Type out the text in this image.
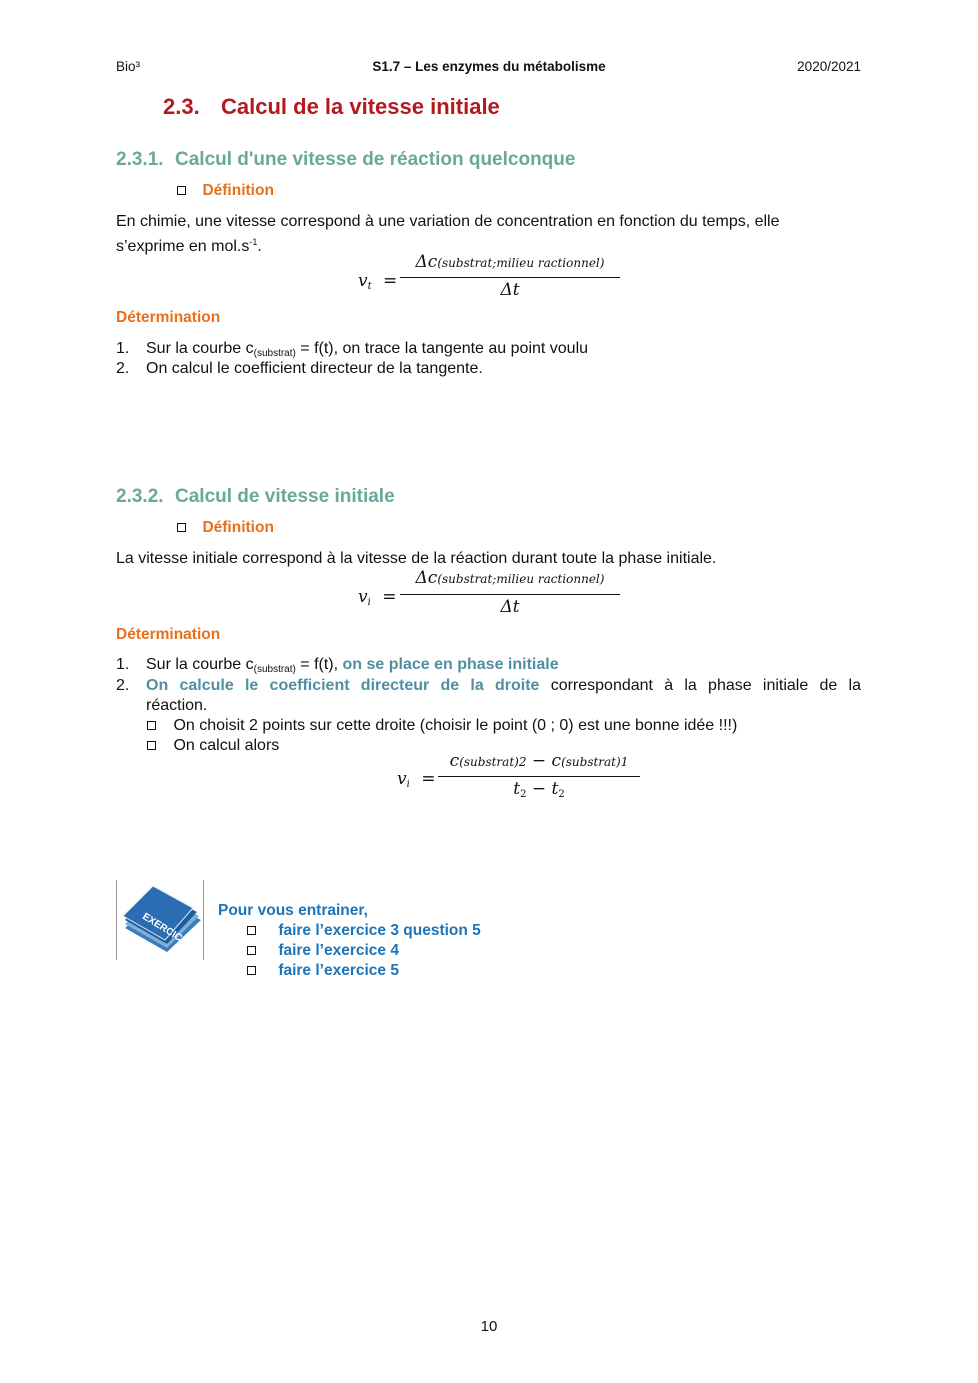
Bio³	S1.7 – Les enzymes du métabolisme	2020/2021
2.3. Calcul de la vitesse initiale
2.3.1. Calcul d'une vitesse de réaction quelconque
Définition
En chimie, une vitesse correspond à une variation de concentration en fonction du temps, elle
s’exprime en $mol.s^{-1}$.
$v_t$ =
Δc(substrat;milieu ractionnel)
Δt
Détermination
1. Sur la courbe $c_{(substrat)} = f(t)$, on trace la tangente au point voulu
2. On calcul le coefficient directeur de la tangente.
2.3.2. Calcul de vitesse initiale
Définition
La vitesse initiale correspond à la vitesse de la réaction durant toute la phase initiale.
$v_i$ =
Δc(substrat;milieu ractionnel)
Δt
Détermination
1. Sur la courbe $c_{(substrat)} = f(t)$, on se place en phase initiale
2. On calcule le coefficient directeur de la droite correspondant à la phase initiale de la
réaction.
On choisit 2 points sur cette droite (choisir le point (0 ; 0) est une bonne idée !!!)
On calcul alors
$v_i$ =
c(substrat)2 − c(substrat)1
$t_2 - t_2$
EXERCICES
Pour vous entrainer,
faire l’exercice 3 question 5
faire l’exercice 4
faire l’exercice 5
10
